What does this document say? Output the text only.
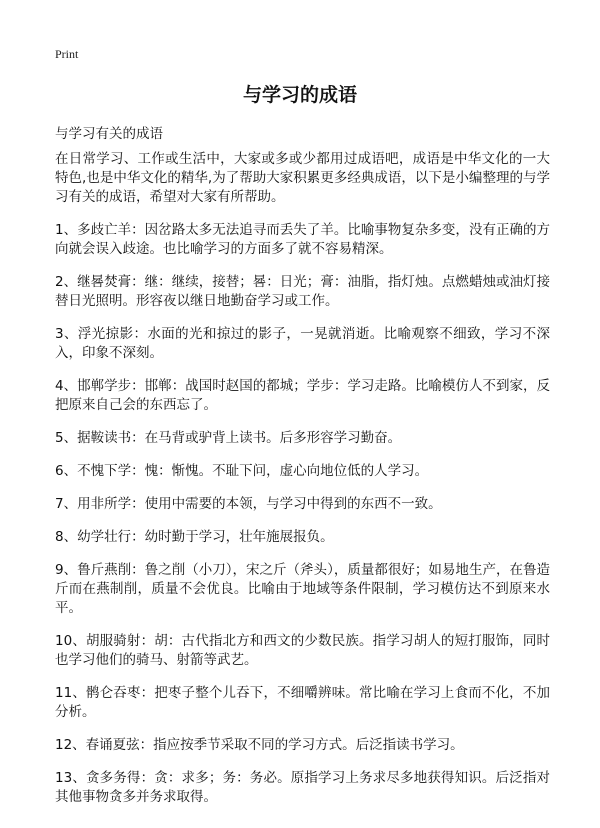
Print
与学习的成语
与学习有关的成语

在日常学习、工作或生活中，大家或多或少都用过成语吧，成语是中华文化的一大特色,也是中华文化的精华,为了帮助大家积累更多经典成语，以下是小编整理的与学习有关的成语，希望对大家有所帮助。

1、多歧亡羊：因岔路太多无法追寻而丢失了羊。比喻事物复杂多变，没有正确的方向就会误入歧途。也比喻学习的方面多了就不容易精深。

2、继晷焚膏：继：继续，接替；晷：日光；膏：油脂，指灯烛。点燃蜡烛或油灯接替日光照明。形容夜以继日地勤奋学习或工作。

3、浮光掠影：水面的光和掠过的影子，一晃就消逝。比喻观察不细致，学习不深入，印象不深刻。

4、邯郸学步：邯郸：战国时赵国的都城；学步：学习走路。比喻模仿人不到家，反把原来自己会的东西忘了。

5、据鞍读书：在马背或驴背上读书。后多形容学习勤奋。

6、不愧下学：愧：惭愧。不耻下问，虚心向地位低的人学习。

7、用非所学：使用中需要的本领，与学习中得到的东西不一致。

8、幼学壮行：幼时勤于学习，壮年施展报负。

9、鲁斤燕削：鲁之削（小刀），宋之斤（斧头），质量都很好；如易地生产，在鲁造斤而在燕制削，质量不会优良。比喻由于地域等条件限制，学习模仿达不到原来水平。

10、胡服骑射：胡：古代指北方和西文的少数民族。指学习胡人的短打服饰，同时也学习他们的骑马、射箭等武艺。

11、鹘仑吞枣：把枣子整个儿吞下，不细嚼辨味。常比喻在学习上食而不化，不加分析。

12、春诵夏弦：指应按季节采取不同的学习方式。后泛指读书学习。

13、贪多务得：贪：求多；务：务必。原指学习上务求尽多地获得知识。后泛指对其他事物贪多并务求取得。
